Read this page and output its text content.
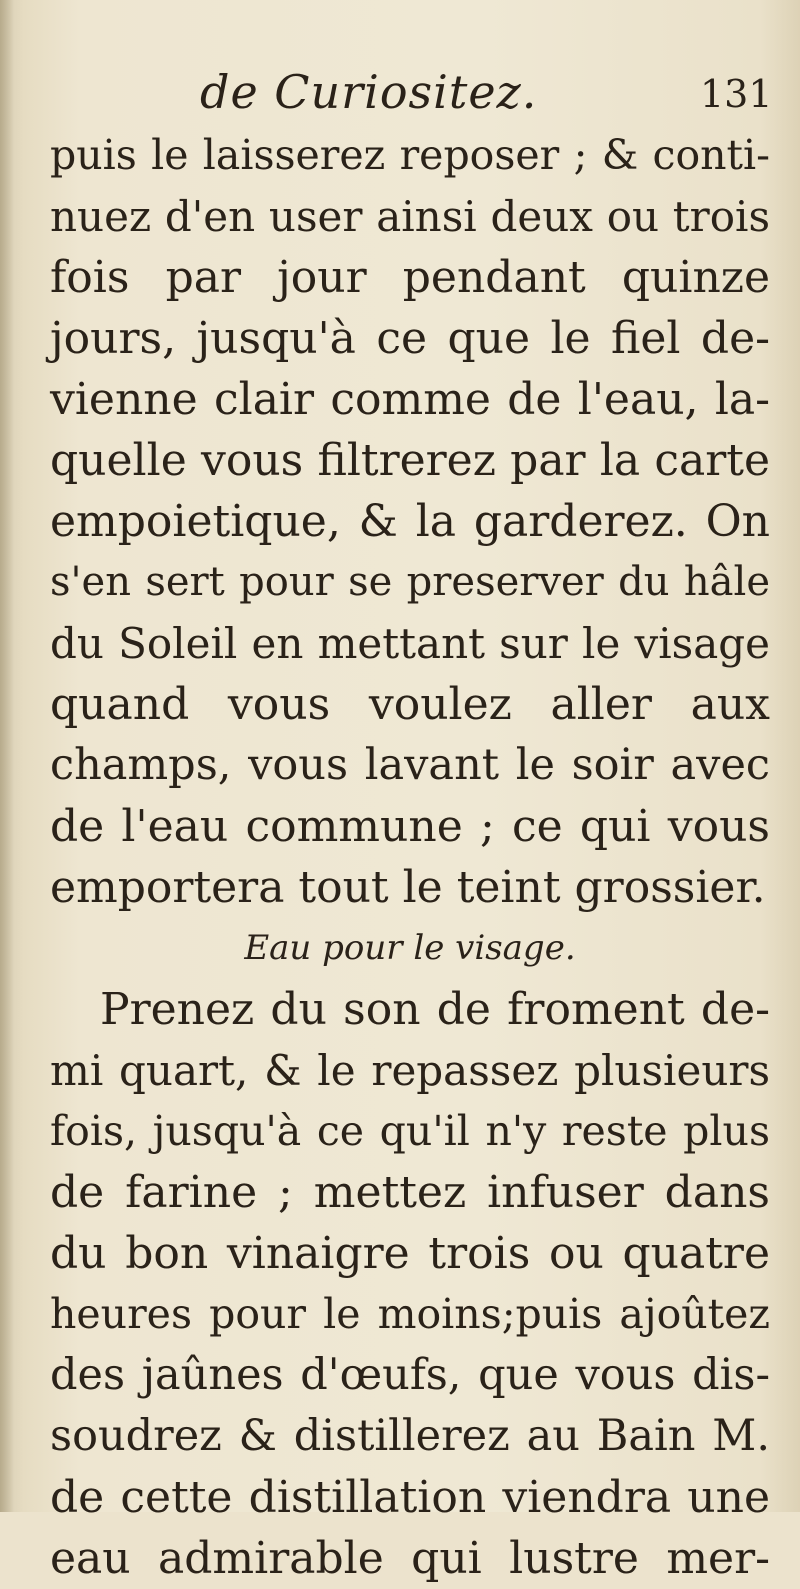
de Curiositez.	131
puis le laisserez reposer ; & conti-
nuez d'en user ainsi deux ou trois
fois par jour pendant quinze
jours, jusqu'à ce que le fiel de-
vienne clair comme de l'eau, la-
quelle vous filtrerez par la carte
empoietique, & la garderez. On
s'en sert pour se preserver du hâle
du Soleil en mettant sur le visage
quand vous voulez aller aux
champs, vous lavant le soir avec
de l'eau commune ; ce qui vous
emportera tout le teint grossier.
Eau pour le visage.
Prenez du son de froment de-
mi quart, & le repassez plusieurs
fois, jusqu'à ce qu'il n'y reste plus
de farine ; mettez infuser dans
du bon vinaigre trois ou quatre
heures pour le moins;puis ajoûtez
des jaûnes d'œufs, que vous dis-
soudrez & distillerez au Bain M.
de cette distillation viendra une
eau admirable qui lustre mer-
